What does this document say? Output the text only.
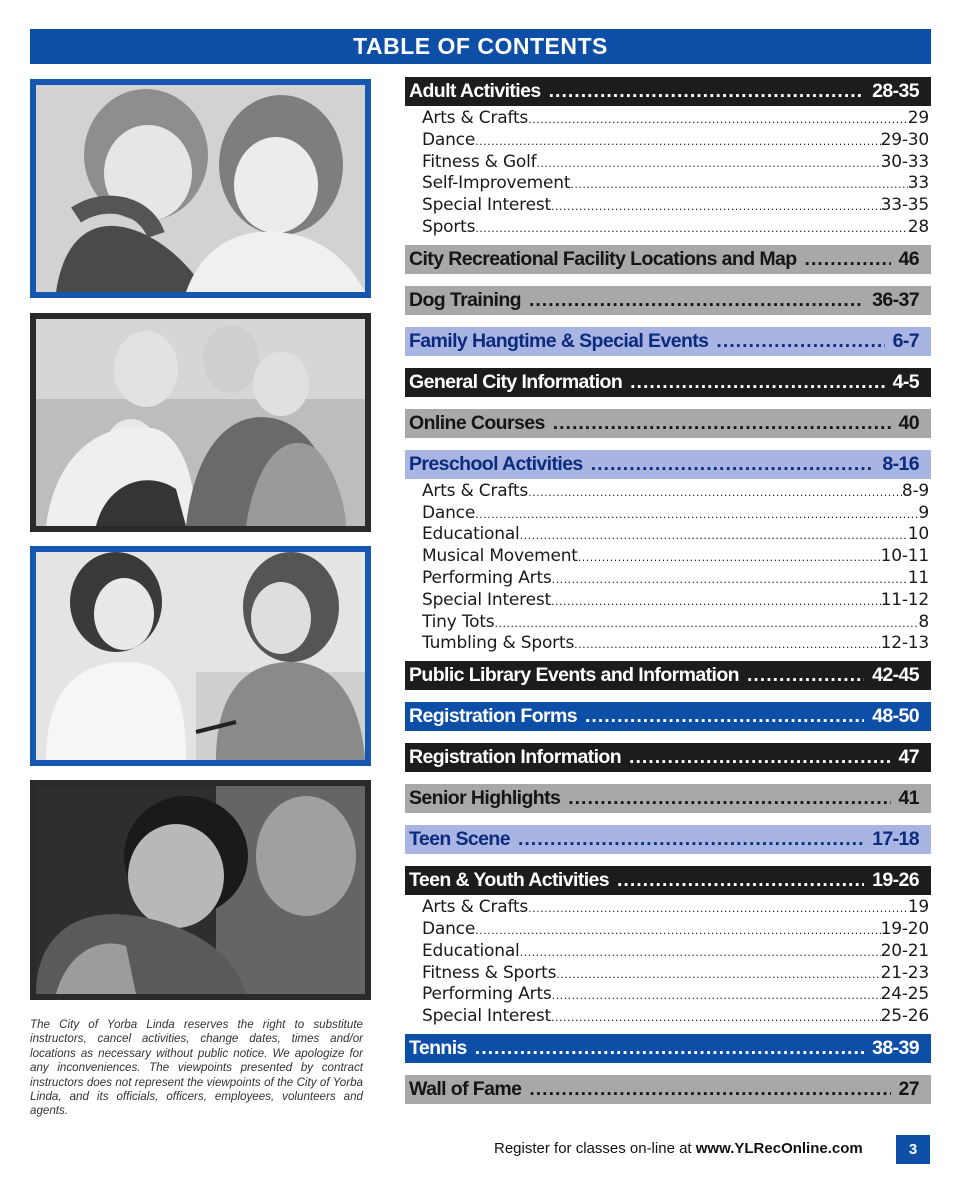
TABLE OF CONTENTS
The City of Yorba Linda reserves the right to substitute instructors, cancel activities, change dates, times and/or locations as necessary without public notice. We apologize for any inconveniences. The viewpoints presented by contract instructors does not represent the viewpoints of the City of Yorba Linda, and its officials, officers, employees, volunteers and agents.
Adult Activities .....	28-35
Arts & Crafts .....	29
Dance .....	29-30
Fitness & Golf .....	30-33
Self-Improvement .....	33
Special Interest .....	33-35
Sports .....	28
City Recreational Facility Locations and Map .....	46
Dog Training .....	36-37
Family Hangtime & Special Events .....	6-7
General City Information .....	4-5
Online Courses .....	40
Preschool Activities .....	8-16
Arts & Crafts .....	8-9
Dance .....	9
Educational .....	10
Musical Movement .....	10-11
Performing Arts .....	11
Special Interest .....	11-12
Tiny Tots .....	8
Tumbling & Sports .....	12-13
Public Library Events and Information .....	42-45
Registration Forms .....	48-50
Registration Information .....	47
Senior Highlights .....	41
Teen Scene .....	17-18
Teen & Youth Activities .....	19-26
Arts & Crafts .....	19
Dance .....	19-20
Educational .....	20-21
Fitness & Sports .....	21-23
Performing Arts .....	24-25
Special Interest .....	25-26
Tennis .....	38-39
Wall of Fame .....	27
Register for classes on-line at www.YLRecOnline.com	3
